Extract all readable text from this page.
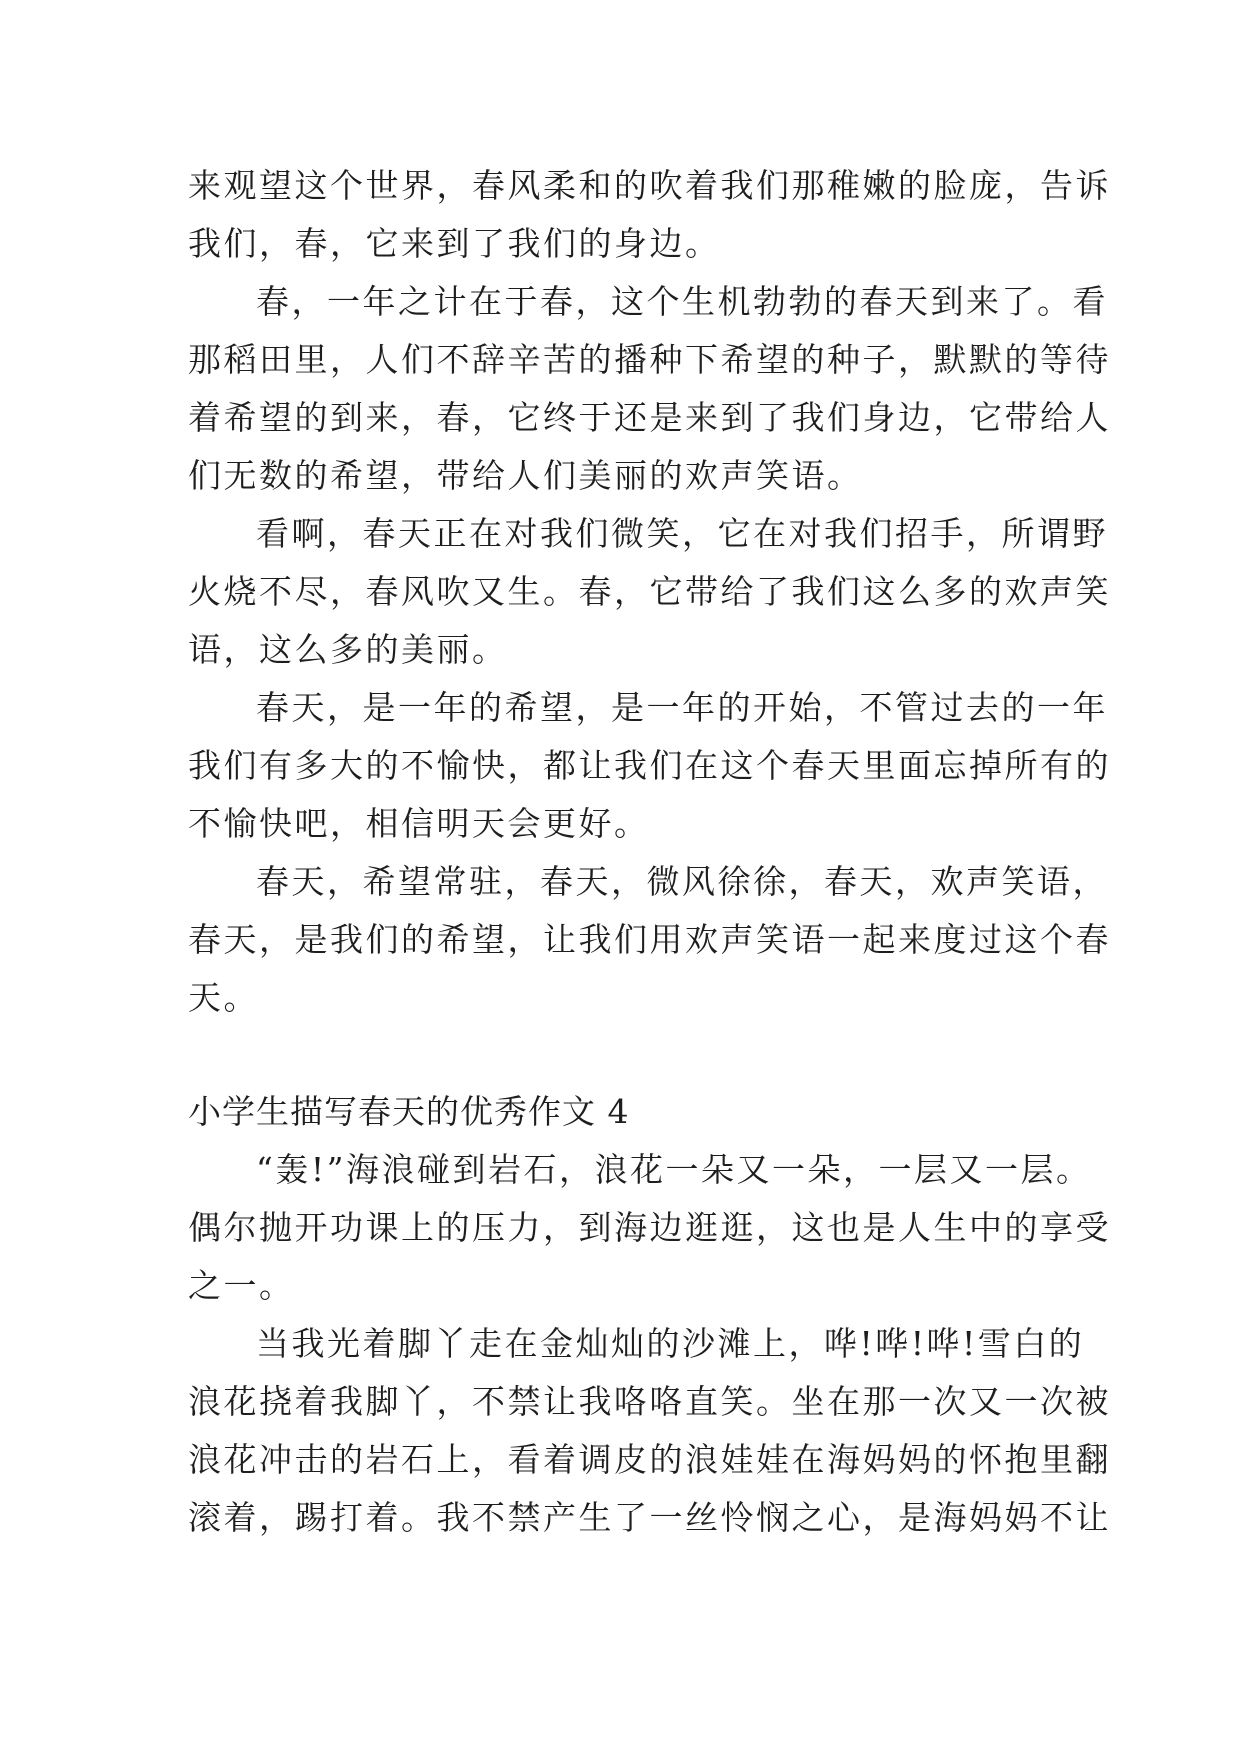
来观望这个世界，春风柔和的吹着我们那稚嫩的脸庞，告诉
我们，春，它来到了我们的身边。
春，一年之计在于春，这个生机勃勃的春天到来了。看
那稻田里，人们不辞辛苦的播种下希望的种子，默默的等待
着希望的到来，春，它终于还是来到了我们身边，它带给人
们无数的希望，带给人们美丽的欢声笑语。
看啊，春天正在对我们微笑，它在对我们招手，所谓野
火烧不尽，春风吹又生。春，它带给了我们这么多的欢声笑
语，这么多的美丽。
春天，是一年的希望，是一年的开始，不管过去的一年
我们有多大的不愉快，都让我们在这个春天里面忘掉所有的
不愉快吧，相信明天会更好。
春天，希望常驻，春天，微风徐徐，春天，欢声笑语，
春天，是我们的希望，让我们用欢声笑语一起来度过这个春
天。
小学生描写春天的优秀作文 4
“轰!”海浪碰到岩石，浪花一朵又一朵，一层又一层。
偶尔抛开功课上的压力，到海边逛逛，这也是人生中的享受
之一。
当我光着脚丫走在金灿灿的沙滩上，哗!哗!哗!雪白的
浪花挠着我脚丫，不禁让我咯咯直笑。坐在那一次又一次被
浪花冲击的岩石上，看着调皮的浪娃娃在海妈妈的怀抱里翻
滚着，踢打着。我不禁产生了一丝怜悯之心，是海妈妈不让
